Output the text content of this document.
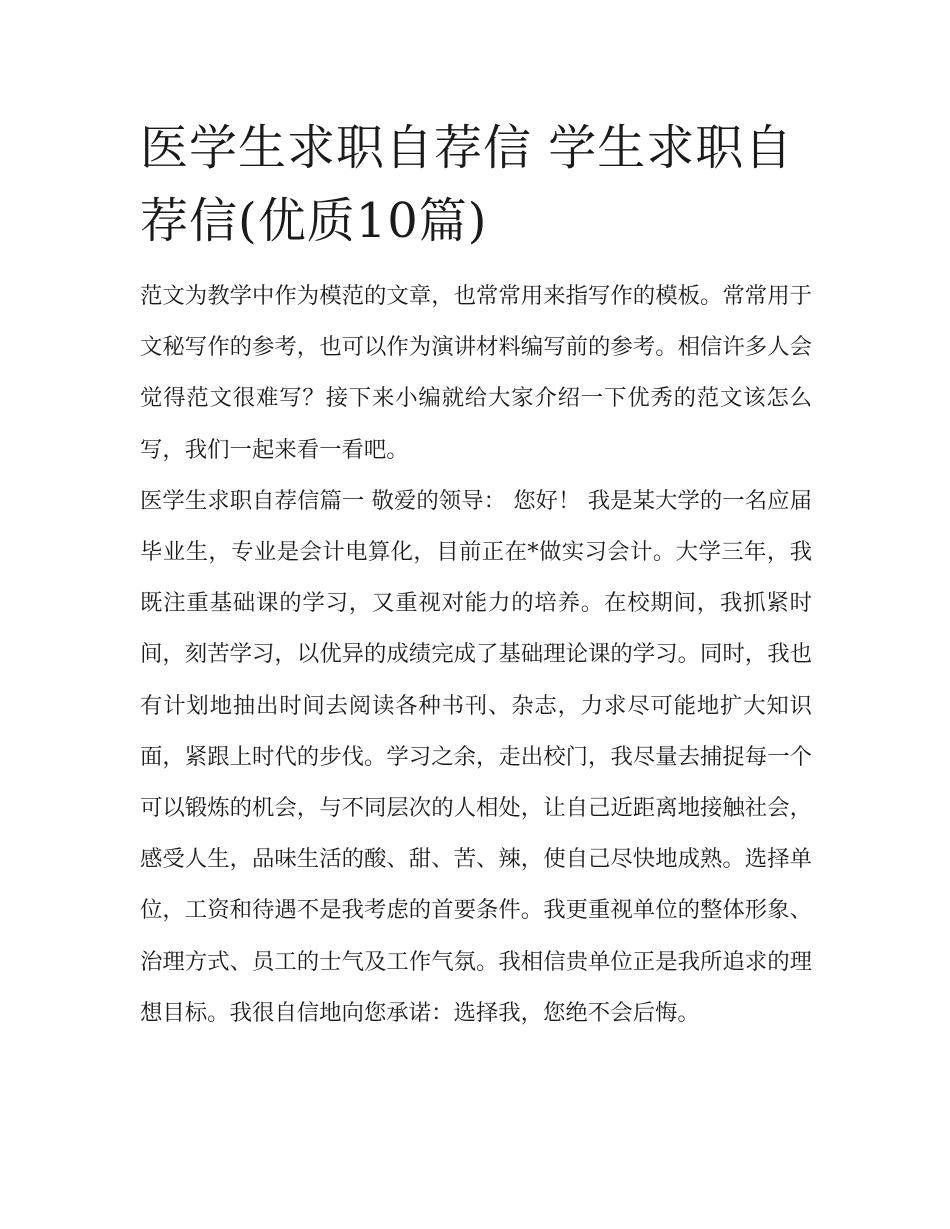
医学生求职自荐信 学生求职自荐信(优质10篇)

范文为教学中作为模范的文章，也常常用来指写作的模板。常常用于文秘写作的参考，也可以作为演讲材料编写前的参考。相信许多人会觉得范文很难写？接下来小编就给大家介绍一下优秀的范文该怎么写，我们一起来看一看吧。

医学生求职自荐信篇一 敬爱的领导： 您好！ 我是某大学的一名应届毕业生，专业是会计电算化，目前正在*做实习会计。大学三年，我既注重基础课的学习，又重视对能力的培养。在校期间，我抓紧时间，刻苦学习，以优异的成绩完成了基础理论课的学习。同时，我也有计划地抽出时间去阅读各种书刊、杂志，力求尽可能地扩大知识面，紧跟上时代的步伐。学习之余，走出校门，我尽量去捕捉每一个可以锻炼的机会，与不同层次的人相处，让自己近距离地接触社会，感受人生，品味生活的酸、甜、苦、辣，使自己尽快地成熟。选择单位，工资和待遇不是我考虑的首要条件。我更重视单位的整体形象、治理方式、员工的士气及工作气氛。我相信贵单位正是我所追求的理想目标。我很自信地向您承诺：选择我，您绝不会后悔。
